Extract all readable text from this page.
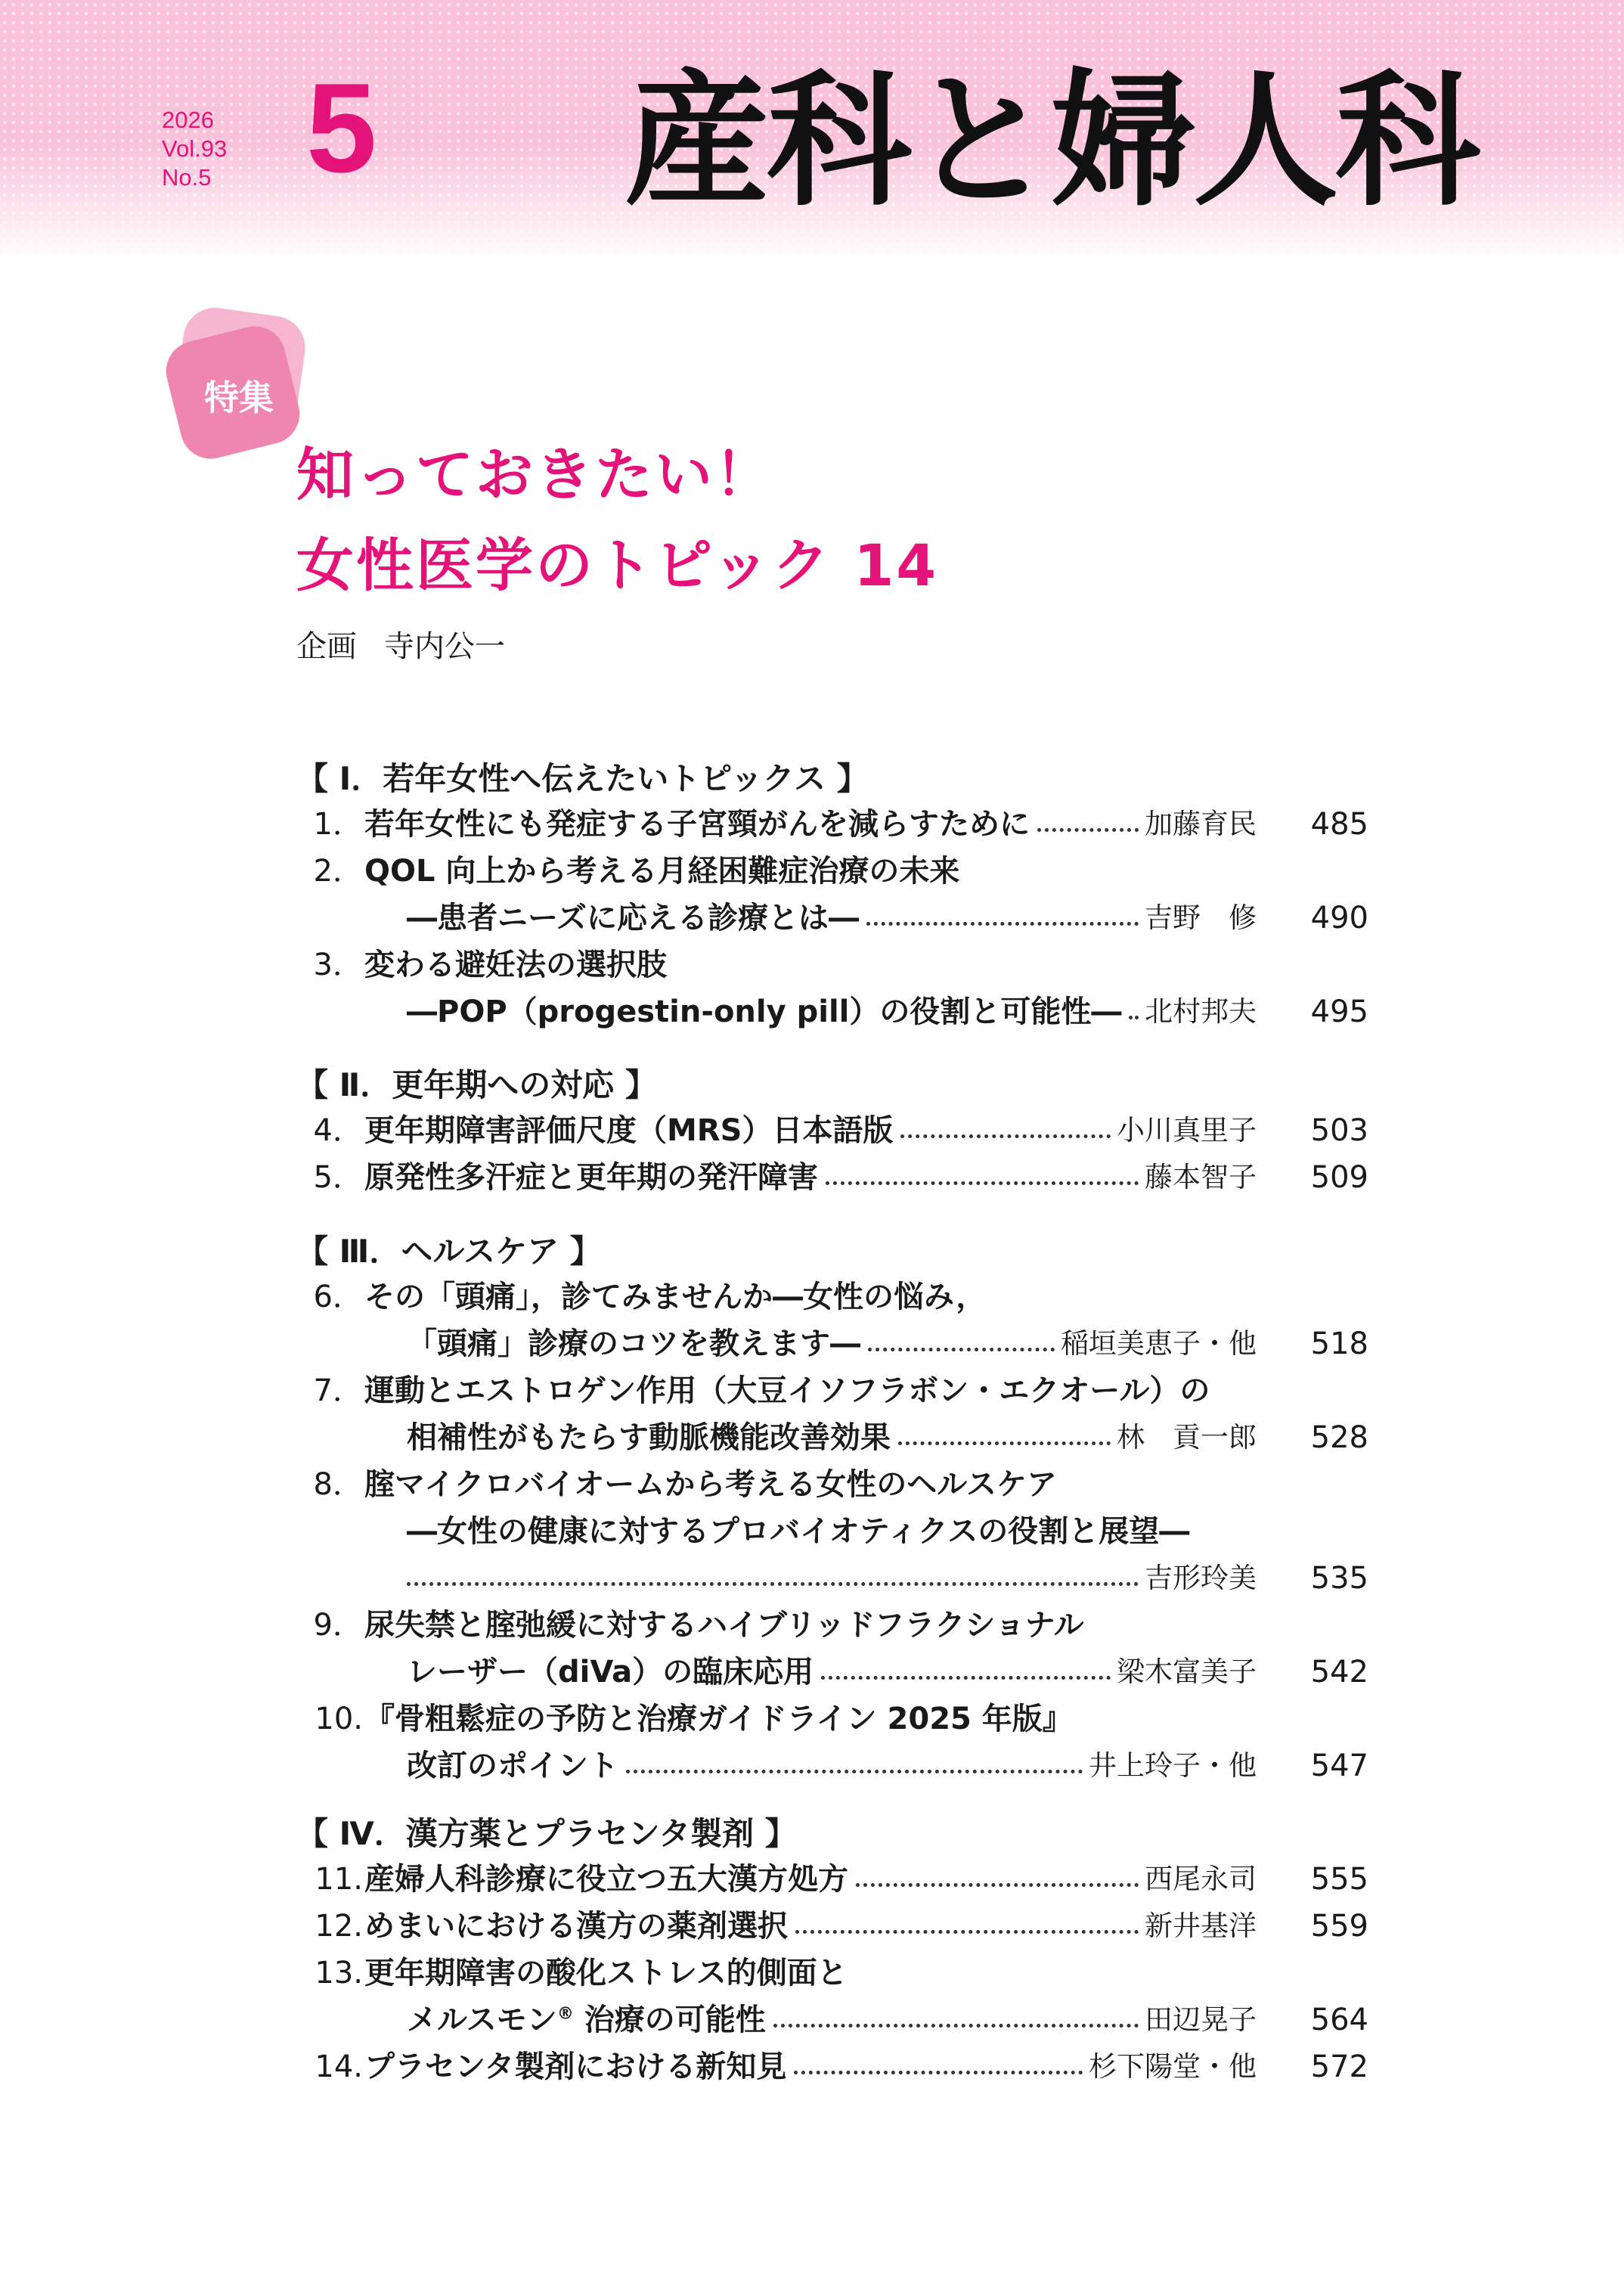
2026
Vol.93
No.5 5 産科と婦人科
特集
知っておきたい！
女性医学のトピック 14
企画 寺内公一
【 Ⅰ．若年女性へ伝えたいトピックス 】
【 Ⅱ．更年期への対応 】
【 Ⅲ．ヘルスケア 】
【 Ⅳ．漢方薬とプラセンタ製剤 】
1． 若年女性にも発症する子宮頸がんを減らすために	加藤育民	485
2． QOL 向上から考える月経困難症治療の未来
―患者ニーズに応える診療とは―	吉野　修	490
3． 変わる避妊法の選択肢
―POP（progestin-only pill）の役割と可能性― 北村邦夫	495
4． 更年期障害評価尺度（MRS）日本語版	小川真里子	503
5． 原発性多汗症と更年期の発汗障害	藤本智子	509
6． その「頭痛」，診てみませんか―女性の悩み，
「頭痛」診療のコツを教えます―	稲垣美恵子・他	518
7． 運動とエストロゲン作用（大豆イソフラボン・エクオール）の
相補性がもたらす動脈機能改善効果	林　貢一郎	528
8． 腟マイクロバイオームから考える女性のヘルスケア
―女性の健康に対するプロバイオティクスの役割と展望―
吉形玲美	535
9． 尿失禁と腟弛緩に対するハイブリッドフラクショナル
レーザー（diVa）の臨床応用	梁木富美子	542
10. 『骨粗鬆症の予防と治療ガイドライン 2025 年版』
改訂のポイント	井上玲子・他	547
11. 産婦人科診療に役立つ五大漢方処方	西尾永司	555
12. めまいにおける漢方の薬剤選択	新井基洋	559
13. 更年期障害の酸化ストレス的側面と
メルスモン® 治療の可能性	田辺晃子	564
14. プラセンタ製剤における新知見	杉下陽堂・他	572
